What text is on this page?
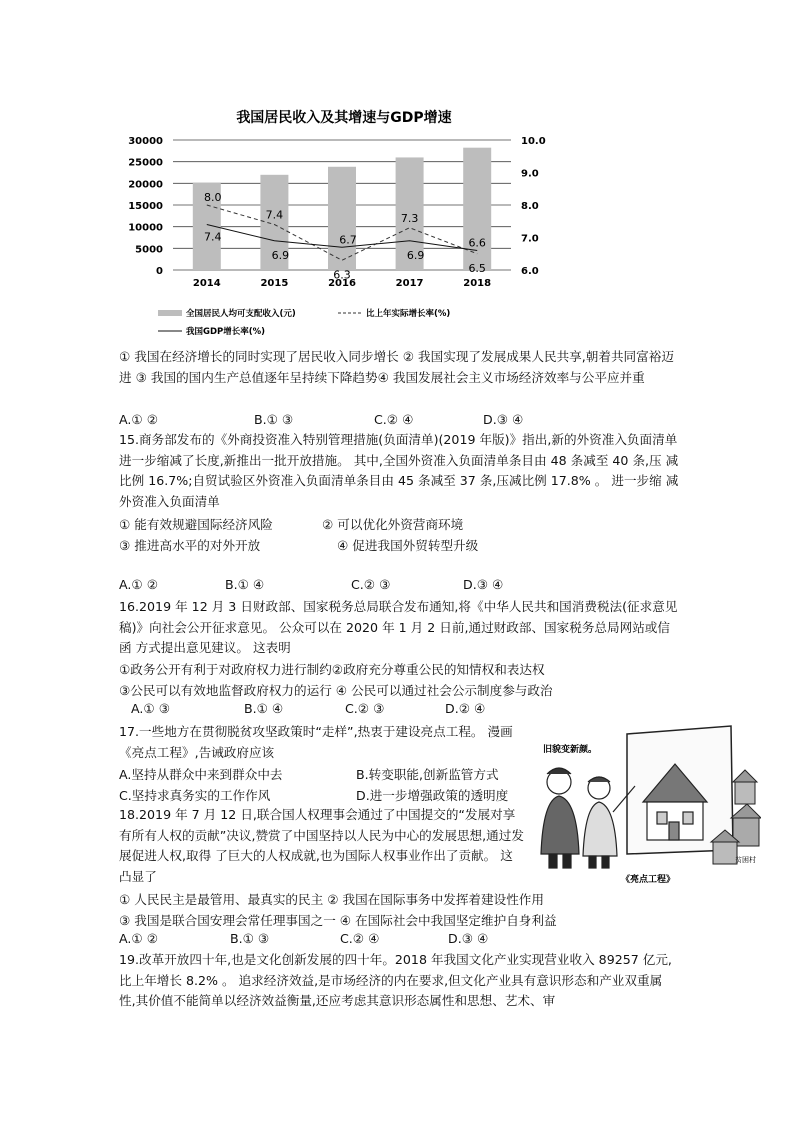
我国居民收入及其增速与GDP增速
8.0
7.4
6.3
7.3
6.5
7.4
6.9
6.7
6.9
6.6
0
5000
10000
15000
20000
25000
30000
6.0
7.0
8.0
9.0
10.0
2014	2015	2016	2017	2018
全国居民人均可支配收入(元)	比上年实际增长率(%)
我国GDP增长率(%)

① 我国在经济增长的同时实现了居民收入同步增长 ② 我国实现了发展成果人民共享,朝着共同富裕迈进 ③ 我国的国内生产总值逐年呈持续下降趋势④ 我国发展社会主义市场经济效率与公平应并重

A.① ②	B.① ③	C.② ④	D.③ ④

15.商务部发布的《外商投资准入特别管理措施(负面清单)(2019 年版)》指出,新的外资准入负面清单进一步缩减了长度,新推出一批开放措施。 其中,全国外资准入负面清单条目由 48 条减至 40 条,压 减比例 16.7%;自贸试验区外资准入负面清单条目由 45 条减至 37 条,压减比例 17.8% 。 进一步缩 减外资准入负面清单

① 能有效规避国际经济风险	② 可以优化外资营商环境
③ 推进高水平的对外开放	④ 促进我国外贸转型升级
A.① ②	B.① ④	C.② ③	D.③ ④

16.2019 年 12 月 3 日财政部、国家税务总局联合发布通知,将《中华人民共和国消费税法(征求意见 稿)》向社会公开征求意见。 公众可以在 2020 年 1 月 2 日前,通过财政部、国家税务总局网站或信函 方式提出意见建议。 这表明

①政务公开有利于对政府权力进行制约②政府充分尊重公民的知情权和表达权
③公民可以有效地监督政府权力的运行 ④ 公民可以通过社会公示制度参与政治
A.① ③	B.① ④	C.② ③	D.② ④

17.一些地方在贯彻脱贫攻坚政策时“走样”,热衷于建设亮点工程。 漫画《亮点工程》,告诫政府应该

A.坚持从群众中来到群众中去	B.转变职能,创新监管方式
C.坚持求真务实的工作作风	D.进一步增强政策的透明度
旧貌变新颜。
贫困村
《亮点工程》

18.2019 年 7 月 12 日,联合国人权理事会通过了中国提交的“发展对享有所有人权的贡献”决议,赞赏了中国坚持以人民为中心的发展思想,通过发展促进人权,取得 了巨大的人权成就,也为国际人权事业作出了贡献。 这凸显了

① 人民民主是最管用、最真实的民主 ② 我国在国际事务中发挥着建设性作用
③ 我国是联合国安理会常任理事国之一 ④ 在国际社会中我国坚定维护自身利益
A.① ②	B.① ③	C.② ④	D.③ ④

19.改革开放四十年,也是文化创新发展的四十年。2018 年我国文化产业实现营业收入 89257 亿元,比上年增长 8.2% 。 追求经济效益,是市场经济的内在要求,但文化产业具有意识形态和产业双重属 性,其价值不能简单以经济效益衡量,还应考虑其意识形态属性和思想、艺术、审
